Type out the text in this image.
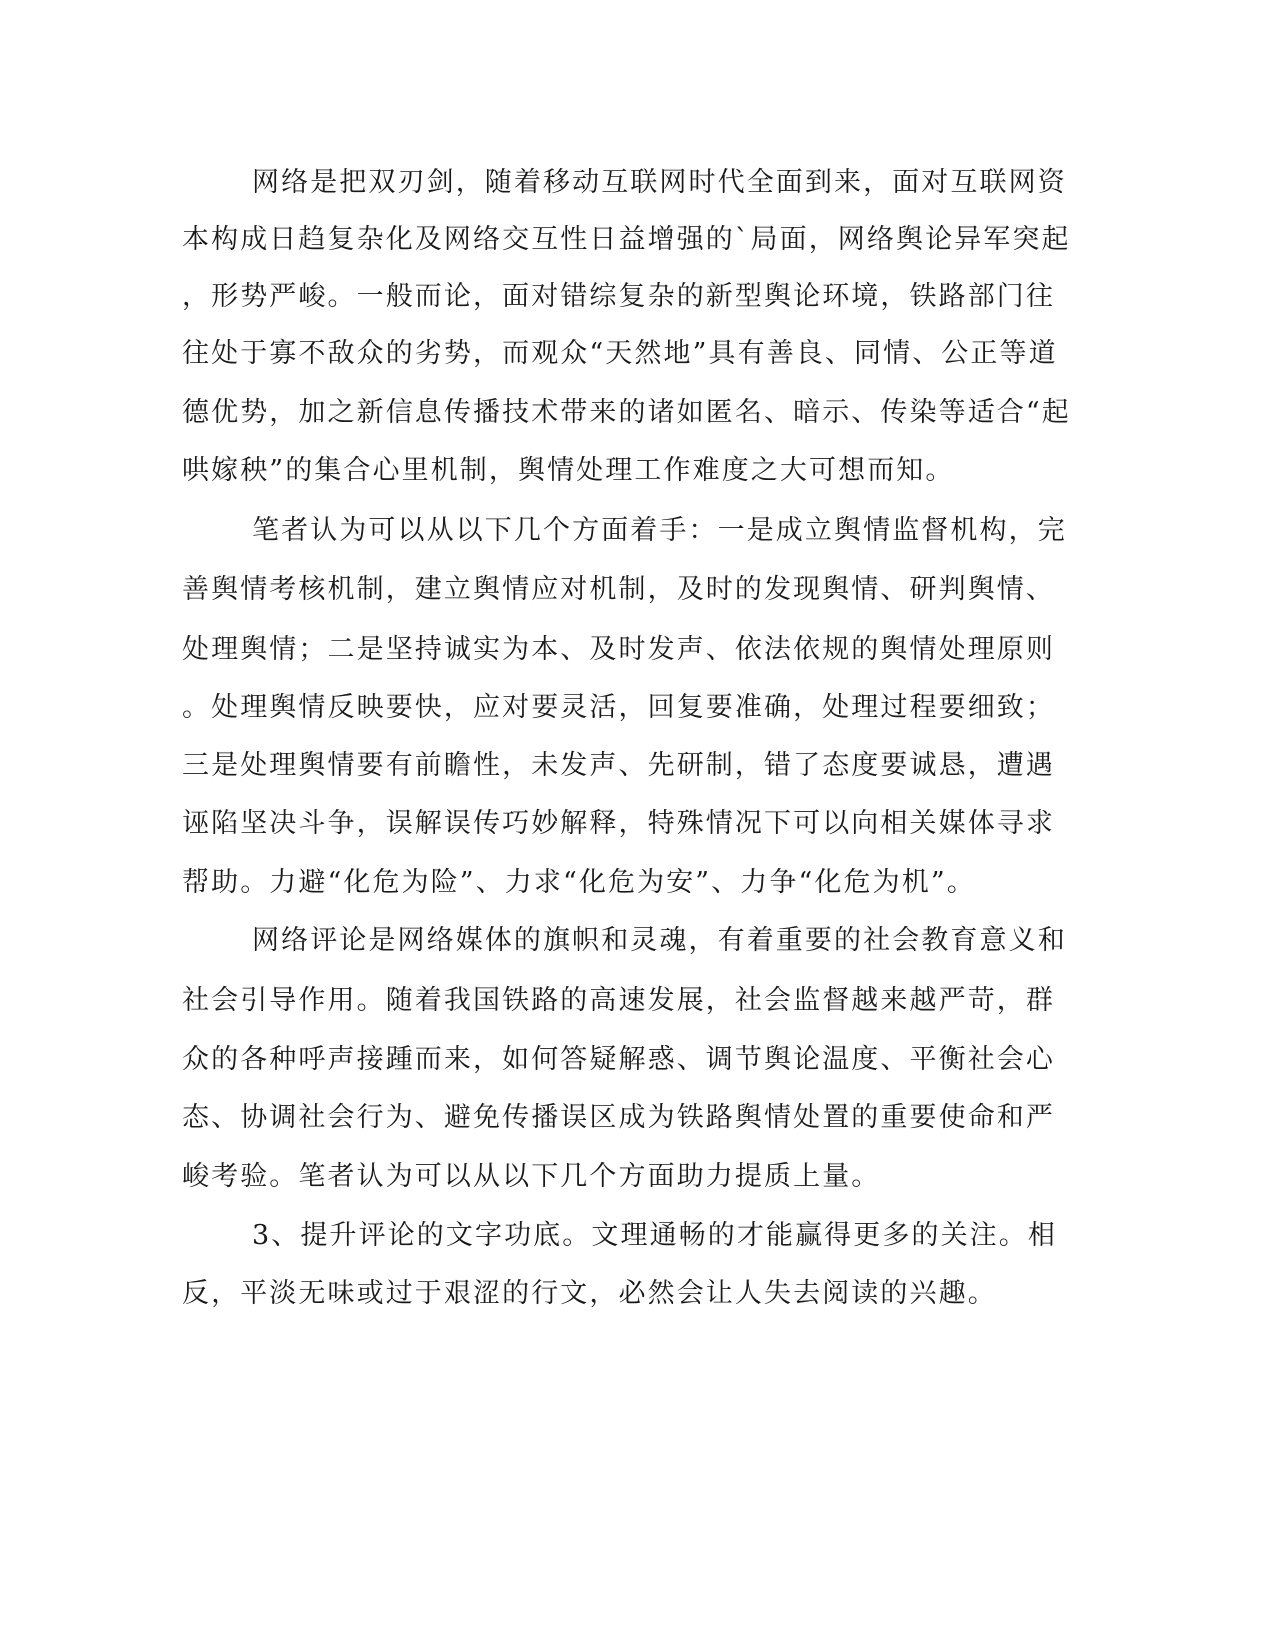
网络是把双刃剑，随着移动互联网时代全面到来，面对互联网资
本构成日趋复杂化及网络交互性日益增强的`局面，网络舆论异军突起
，形势严峻。一般而论，面对错综复杂的新型舆论环境，铁路部门往
往处于寡不敌众的劣势，而观众“天然地”具有善良、同情、公正等道
德优势，加之新信息传播技术带来的诸如匿名、暗示、传染等适合“起
哄嫁秧”的集合心里机制，舆情处理工作难度之大可想而知。
笔者认为可以从以下几个方面着手：一是成立舆情监督机构，完
善舆情考核机制，建立舆情应对机制，及时的发现舆情、研判舆情、
处理舆情；二是坚持诚实为本、及时发声、依法依规的舆情处理原则
。处理舆情反映要快，应对要灵活，回复要准确，处理过程要细致；
三是处理舆情要有前瞻性，未发声、先研制，错了态度要诚恳，遭遇
诬陷坚决斗争，误解误传巧妙解释，特殊情况下可以向相关媒体寻求
帮助。力避“化危为险”、力求“化危为安”、力争“化危为机”。
网络评论是网络媒体的旗帜和灵魂，有着重要的社会教育意义和
社会引导作用。随着我国铁路的高速发展，社会监督越来越严苛，群
众的各种呼声接踵而来，如何答疑解惑、调节舆论温度、平衡社会心
态、协调社会行为、避免传播误区成为铁路舆情处置的重要使命和严
峻考验。笔者认为可以从以下几个方面助力提质上量。
3、提升评论的文字功底。文理通畅的才能赢得更多的关注。相
反，平淡无味或过于艰涩的行文，必然会让人失去阅读的兴趣。
